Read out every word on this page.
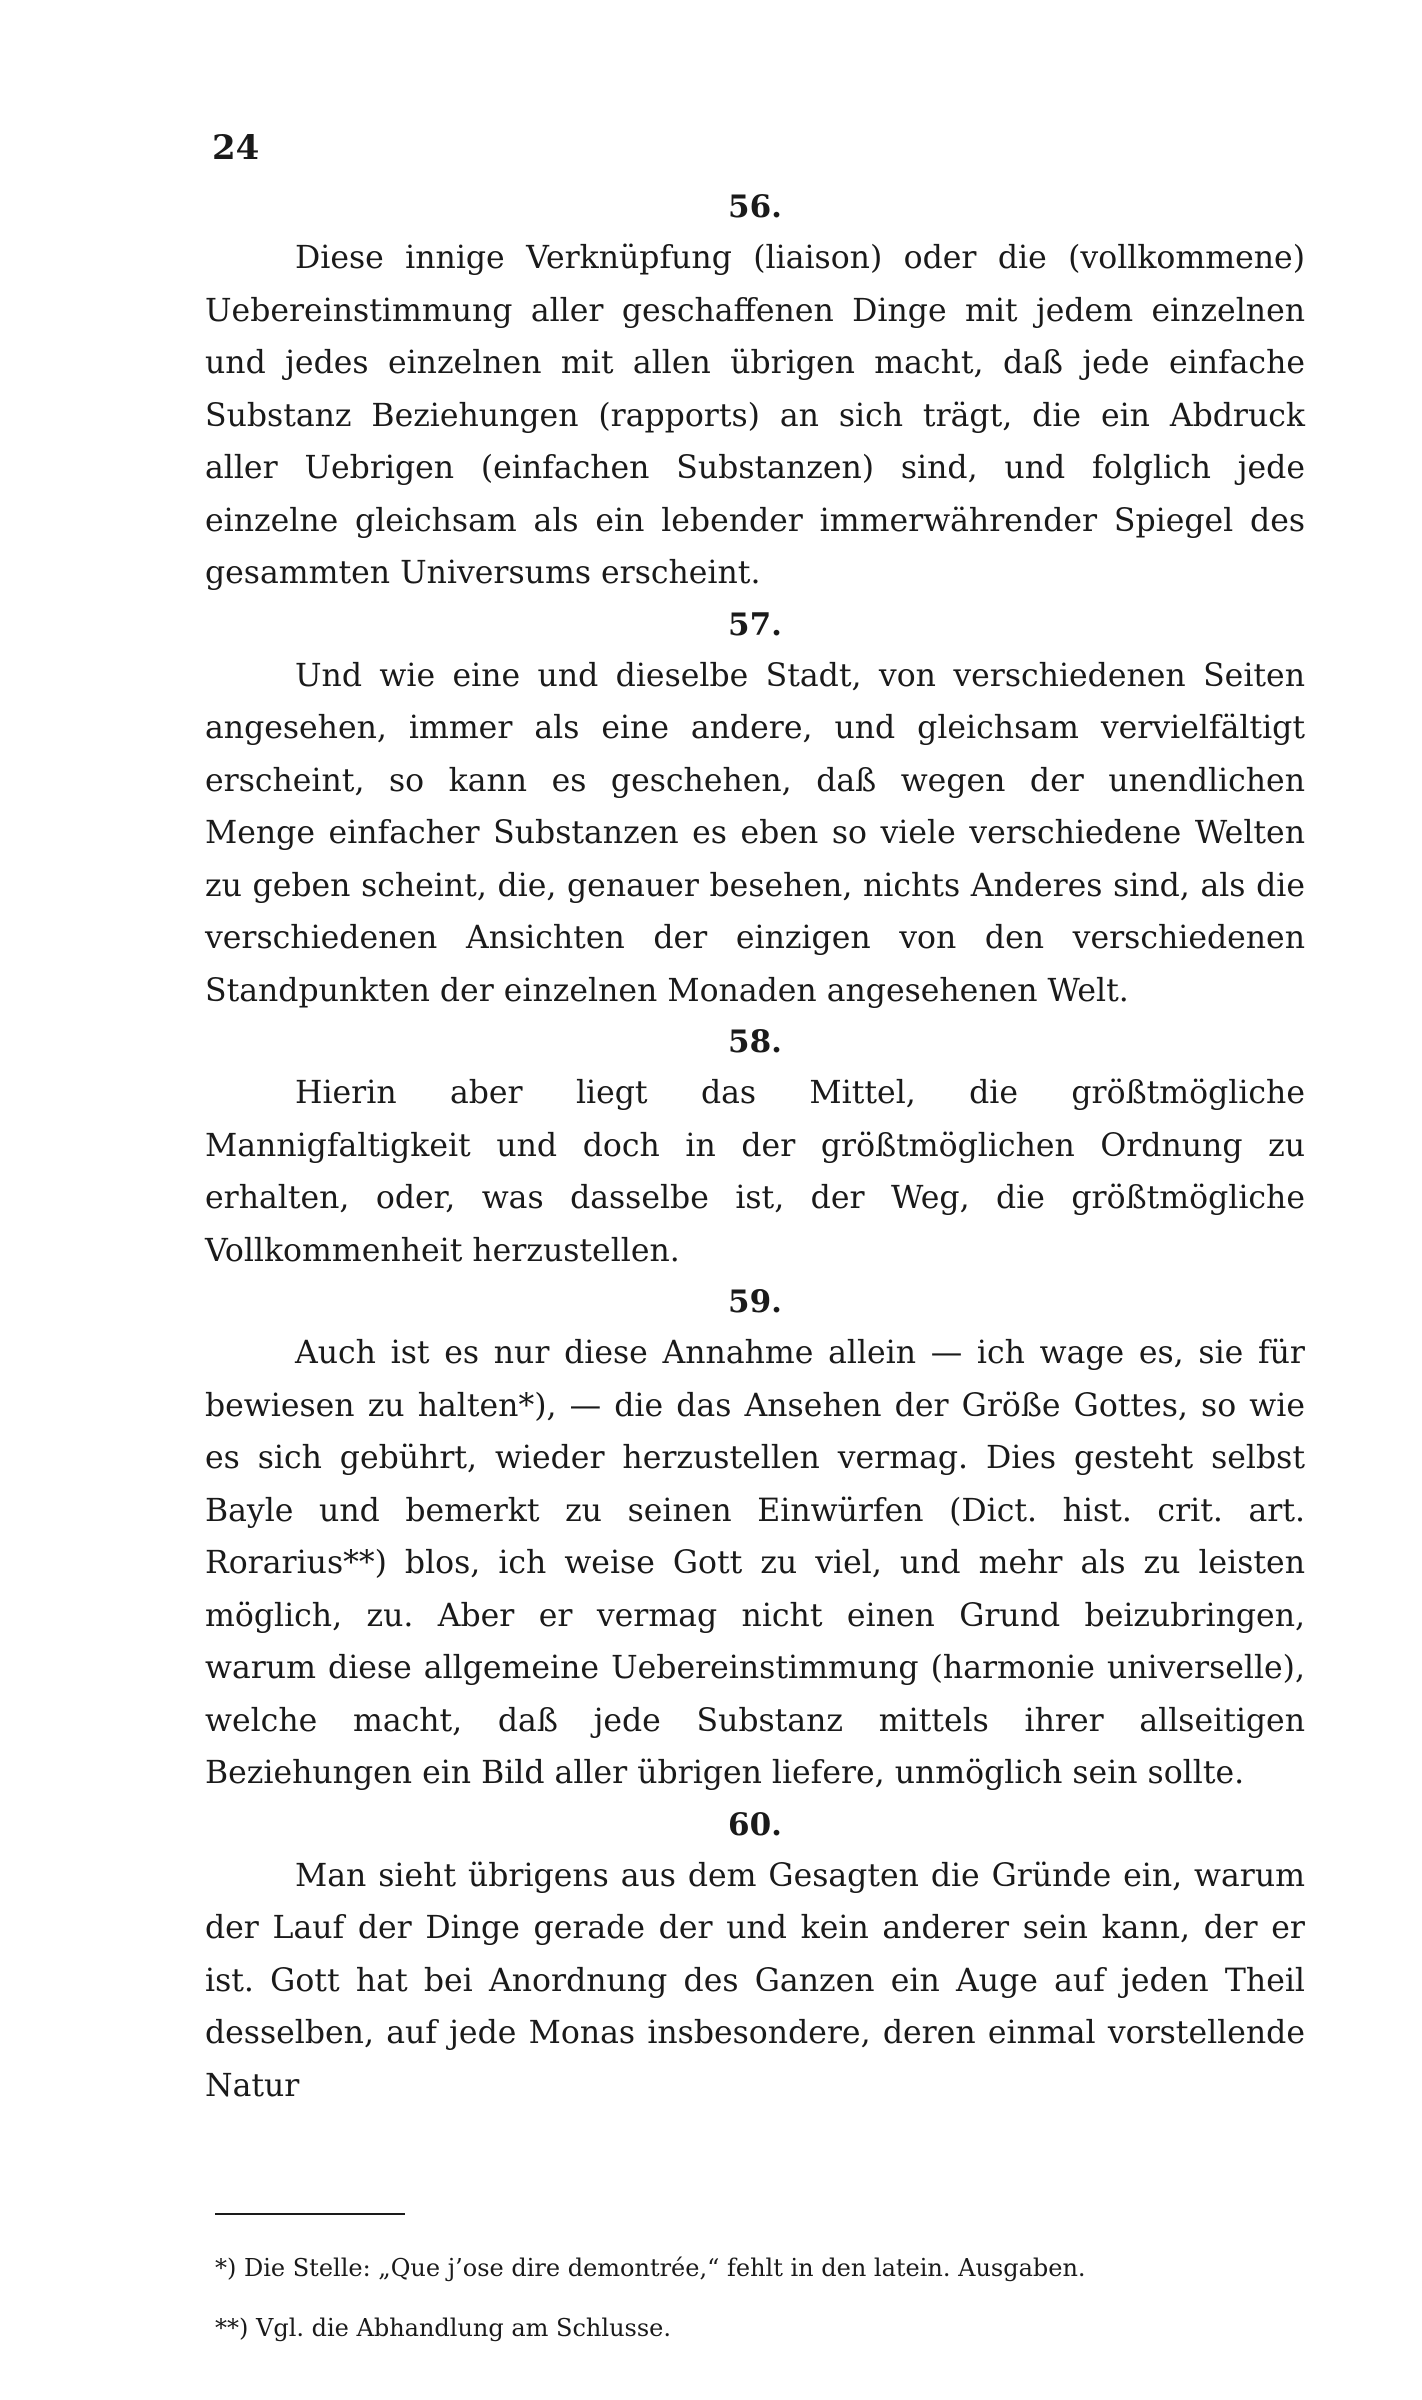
24
56.

Diese innige Verknüpfung (liaison) oder die (vollkommene) Uebereinstimmung aller geschaffenen Dinge mit jedem einzelnen und jedes einzelnen mit allen übrigen macht, daß jede einfache Substanz Beziehungen (rapports) an sich trägt, die ein Abdruck aller Uebrigen (einfachen Substanzen) sind, und folglich jede einzelne gleichsam als ein lebender immerwährender Spiegel des gesammten Universums erscheint.

57.

Und wie eine und dieselbe Stadt, von verschiedenen Seiten angesehen, immer als eine andere, und gleichsam vervielfältigt erscheint, so kann es geschehen, daß wegen der unendlichen Menge einfacher Substanzen es eben so viele verschiedene Welten zu geben scheint, die, genauer besehen, nichts Anderes sind, als die verschiedenen Ansichten der einzigen von den verschiedenen Standpunkten der einzelnen Monaden angesehenen Welt.

58.

Hierin aber liegt das Mittel, die größtmögliche Mannigfaltigkeit und doch in der größtmöglichen Ordnung zu erhalten, oder, was dasselbe ist, der Weg, die größtmögliche Vollkommenheit herzustellen.

59.

Auch ist es nur diese Annahme allein — ich wage es, sie für bewiesen zu halten*), — die das Ansehen der Größe Gottes, so wie es sich gebührt, wieder herzustellen vermag. Dies gesteht selbst Bayle und bemerkt zu seinen Einwürfen (Dict. hist. crit. art. Rorarius**) blos, ich weise Gott zu viel, und mehr als zu leisten möglich, zu. Aber er vermag nicht einen Grund beizubringen, warum diese allgemeine Uebereinstimmung (harmonie universelle), welche macht, daß jede Substanz mittels ihrer allseitigen Beziehungen ein Bild aller übrigen liefere, unmöglich sein sollte.

60.

Man sieht übrigens aus dem Gesagten die Gründe ein, warum der Lauf der Dinge gerade der und kein anderer sein kann, der er ist. Gott hat bei Anordnung des Ganzen ein Auge auf jeden Theil desselben, auf jede Monas insbesondere, deren einmal vorstellende Natur

*) Die Stelle: „Que j’ose dire demontrée,“ fehlt in den latein. Ausgaben.

**) Vgl. die Abhandlung am Schlusse.
